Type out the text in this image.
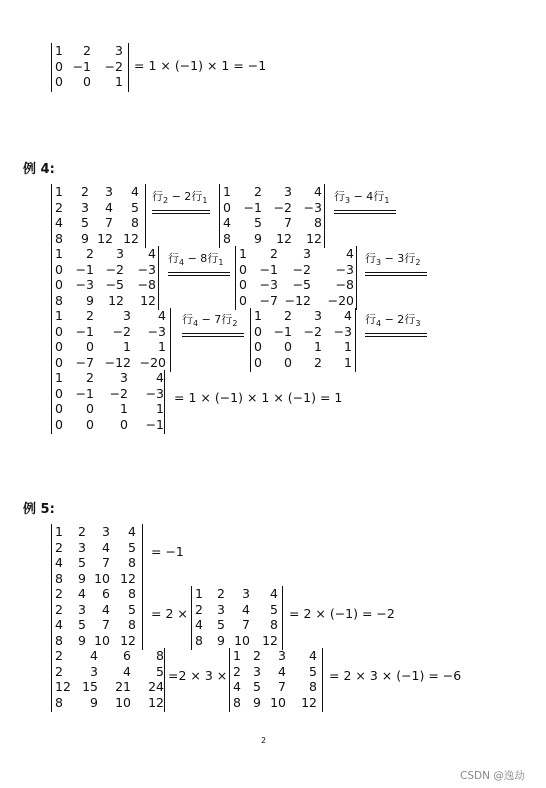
1 2 3
0 −1 −2
0 0 1
= 1 × (−1) × 1 = −1
例 4:
1 2 3 4
2 3 4 5
4 5 7 8
8 9 12 12
行$_2$ − 2行$_1$
1 2 3 4
0 −1 −2 −3
4 5 7 8
8 9 12 12
行$_3$ − 4行$_1$
1 2 3 4
0 −1 −2 −3
0 −3 −5 −8
8 9 12 12
行$_4$ − 8行$_1$
1 2 3	4
0 −1 −2 −3
0 −3 −5 −8
0 −7 −12 −20
行$_3$ − 3行$_2$
1 2 3 4
0 −1 −2 −3
0 0 1 1
0 −7 −12 −20
行$_4$ − 7行$_2$
1 2 3 4
0 −1 −2 −3
0 0 1 1
0 0 2 1
行$_4$ − 2行$_3$
1 2 3 4
0 −1 −2 −3
0 0 1 1
0 0 0 −1
= 1 × (−1) × 1 × (−1) = 1
例 5:
1 2 3 4
2 3 4 5
4 5 7 8
8 9 10 12
= −1
2 4 6 8
2 3 4 5
4 5 7 8
8 9 10 12
= 2 ×
1 2 3 4
2 3 4 5
4 5 7 8
8 9 10 12
= 2 × (−1) = −2
2 4 6 8
2 3 4 5
12 15 21 24
8 9 10 12
=2 × 3 ×
1 2 3 4
2 3 4 5
4 5 7 8
8 9 10 12
= 2 × 3 × (−1) = −6
2
CSDN @逸劫
